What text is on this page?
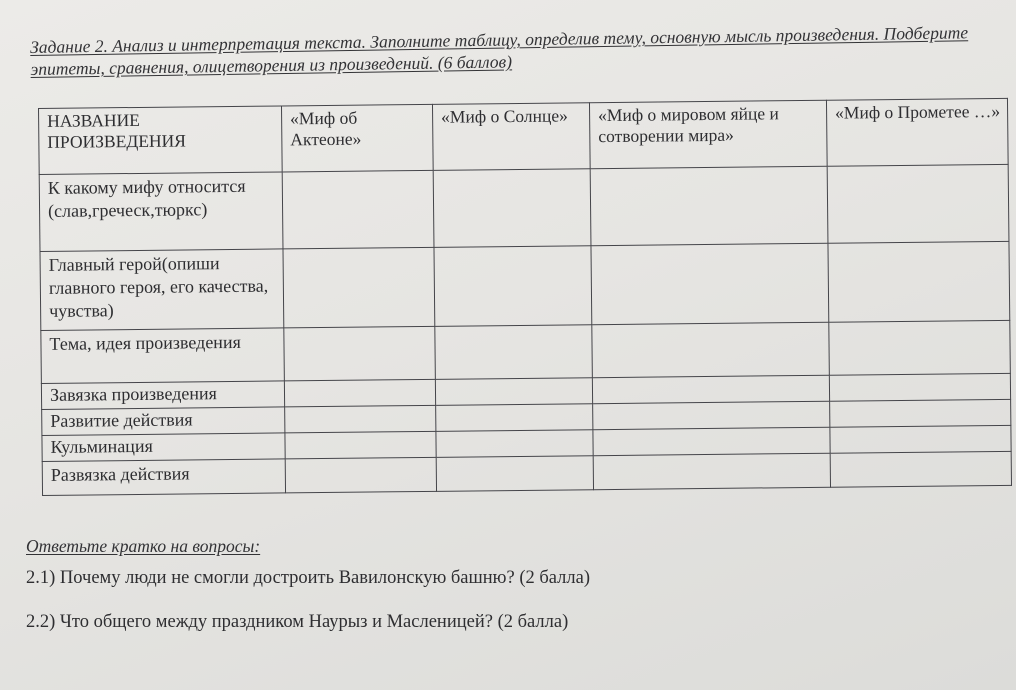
Задание 2. Анализ и интерпретация текста. Заполните таблицу, определив тему, основную мысль произведения. Подберите эпитеты, сравнения, олицетворения из произведений. (6 баллов)
НАЗВАНИЕ ПРОИЗВЕДЕНИЯ	«Миф об Актеоне»	«Миф о Солнце»	«Миф о мировом яйце и сотворении мира»	«Миф о Прометее …»
К какому мифу относится (слав,греческ,тюркс)				
Главный герой(опиши главного героя, его качества, чувства)				
Тема, идея произведения				
Завязка произведения				
Развитие действия				
Кульминация				
Развязка действия				
Ответьте кратко на вопросы:
2.1) Почему люди не смогли достроить Вавилонскую башню? (2 балла)
2.2) Что общего между праздником Наурыз и Масленицей? (2 балла)
